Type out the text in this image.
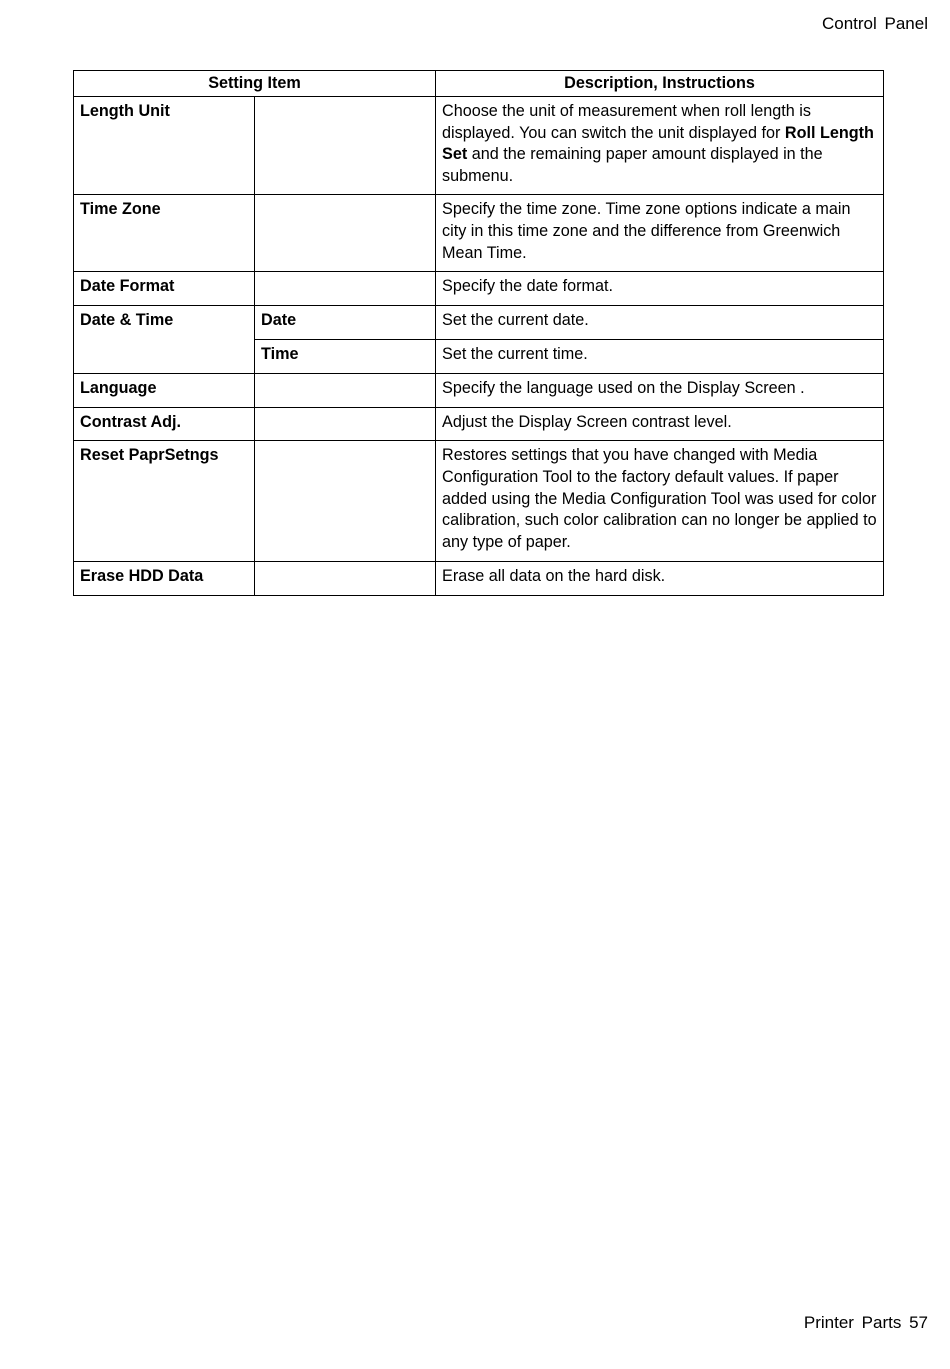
Control Panel
Setting Item		Description, Instructions
Length Unit		Choose the unit of measurement when roll length is displayed. You can switch the unit displayed for Roll Length Set and the remaining paper amount displayed in the submenu.
Time Zone		Specify the time zone. Time zone options indicate a main city in this time zone and the difference from Greenwich Mean Time.
Date Format		Specify the date format.
Date & Time	Date	Set the current date.
	Time	Set the current time.
Language		Specify the language used on the Display Screen .
Contrast Adj.		Adjust the Display Screen contrast level.
Reset PaprSetngs		Restores settings that you have changed with Media Configuration Tool to the factory default values. If paper added using the Media Configuration Tool was used for color calibration, such color calibration can no longer be applied to any type of paper.
Erase HDD Data		Erase all data on the hard disk.
Printer Parts 57
